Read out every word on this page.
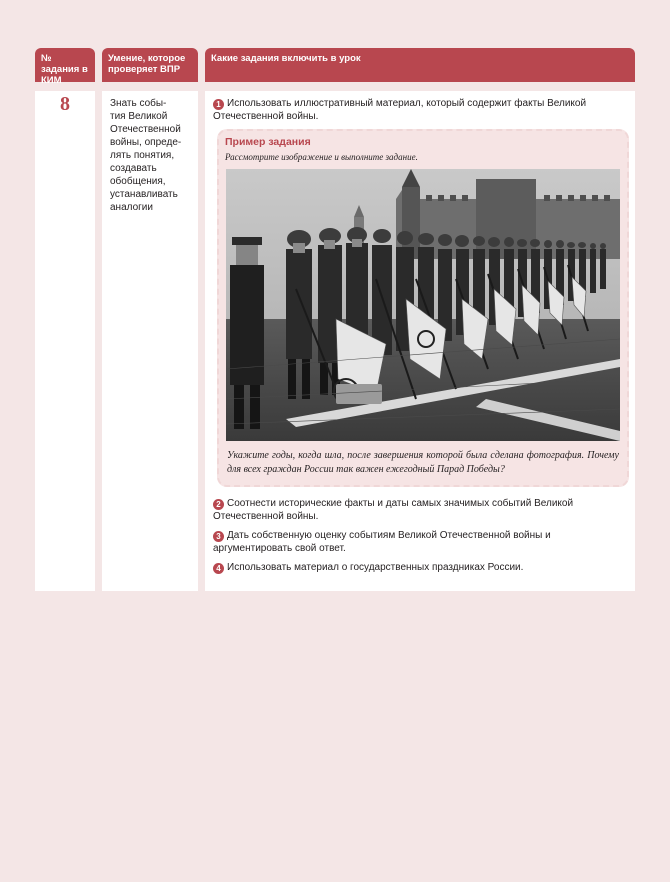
№ задания в КИМ
Умение, которое проверяет ВПР
Какие задания включить в урок
8	Знать собы-
тия Великой
Отечественной
войны, опреде-
лять понятия,
создавать
обобщения,
устанавливать
аналогии
1 Использовать иллюстративный материал, который содержит факты Великой Отечественной войны.
Пример задания
Рассмотрите изображение и выполните задание.
Укажите годы, когда шла, после завершения которой была сделана фотография. Почему для всех граждан России так важен ежегодный Парад Победы?
2 Соотнести исторические факты и даты самых значимых событий Великой Отечественной войны.
3 Дать собственную оценку событиям Великой Отечественной войны и аргументировать свой ответ.
4 Использовать материал о государственных праздниках России.
